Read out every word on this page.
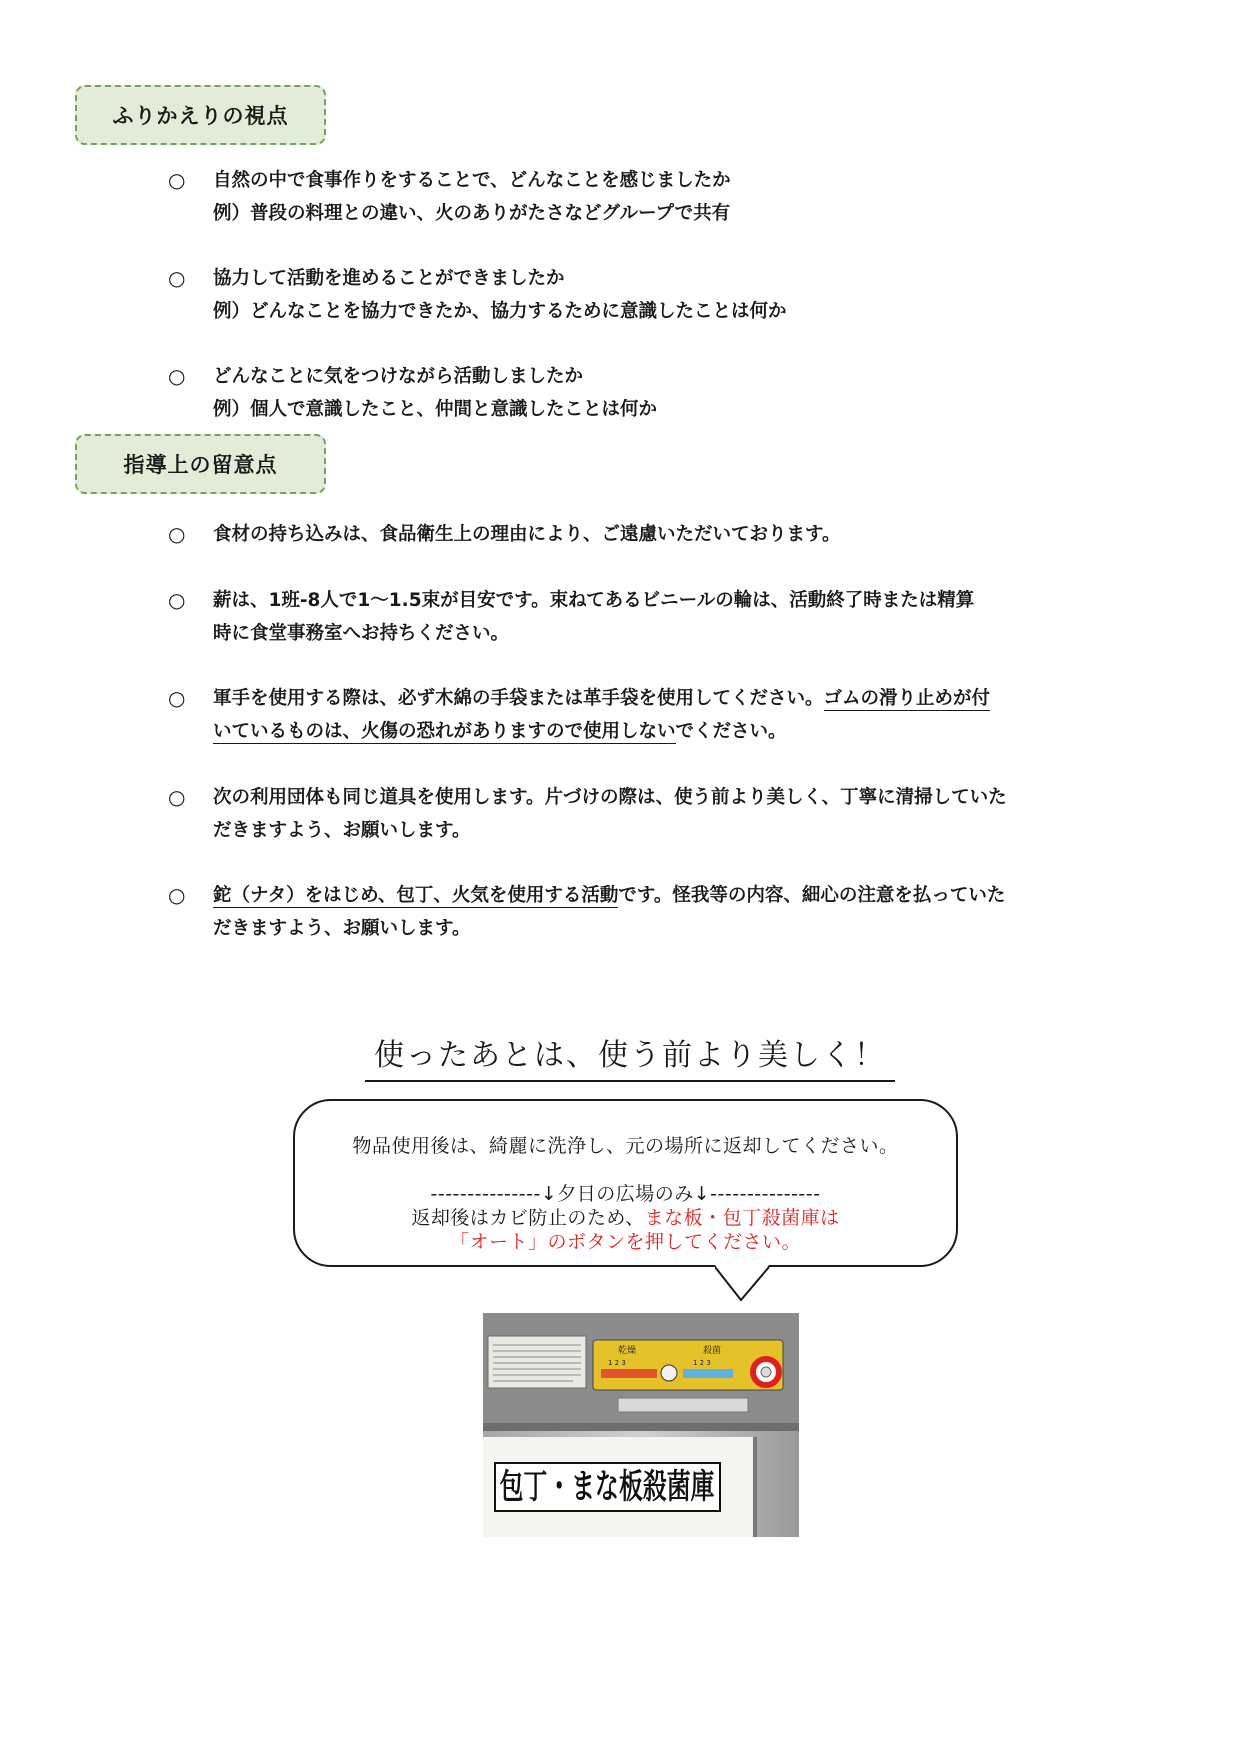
ふりかえりの視点
○ 自然の中で食事作りをすることで、どんなことを感じましたか
例）普段の料理との違い、火のありがたさなどグループで共有
○ 協力して活動を進めることができましたか
例）どんなことを協力できたか、協力するために意識したことは何か
○ どんなことに気をつけながら活動しましたか
例）個人で意識したこと、仲間と意識したことは何か
指導上の留意点
○ 食材の持ち込みは、食品衛生上の理由により、ご遠慮いただいております。
○ 薪は、1班-8人で1～1.5束が目安です。束ねてあるビニールの輪は、活動終了時または精算
時に食堂事務室へお持ちください。
○ 軍手を使用する際は、必ず木綿の手袋または革手袋を使用してください。ゴムの滑り止めが付
いているものは、火傷の恐れがありますので使用しないでください。
○ 次の利用団体も同じ道具を使用します。片づけの際は、使う前より美しく、丁寧に清掃していた
だきますよう、お願いします。
○ 鉈（ナタ）をはじめ、包丁、火気を使用する活動です。怪我等の内容、細心の注意を払っていた
だきますよう、お願いします。
使ったあとは、使う前より美しく！
物品使用後は、綺麗に洗浄し、元の場所に返却してください。
---------------↓夕日の広場のみ↓---------------
返却後はカビ防止のため、まな板・包丁殺菌庫は
「オート」のボタンを押してください。
乾燥	殺菌
1 2 3	1 2 3
包丁・まな板殺菌庫
